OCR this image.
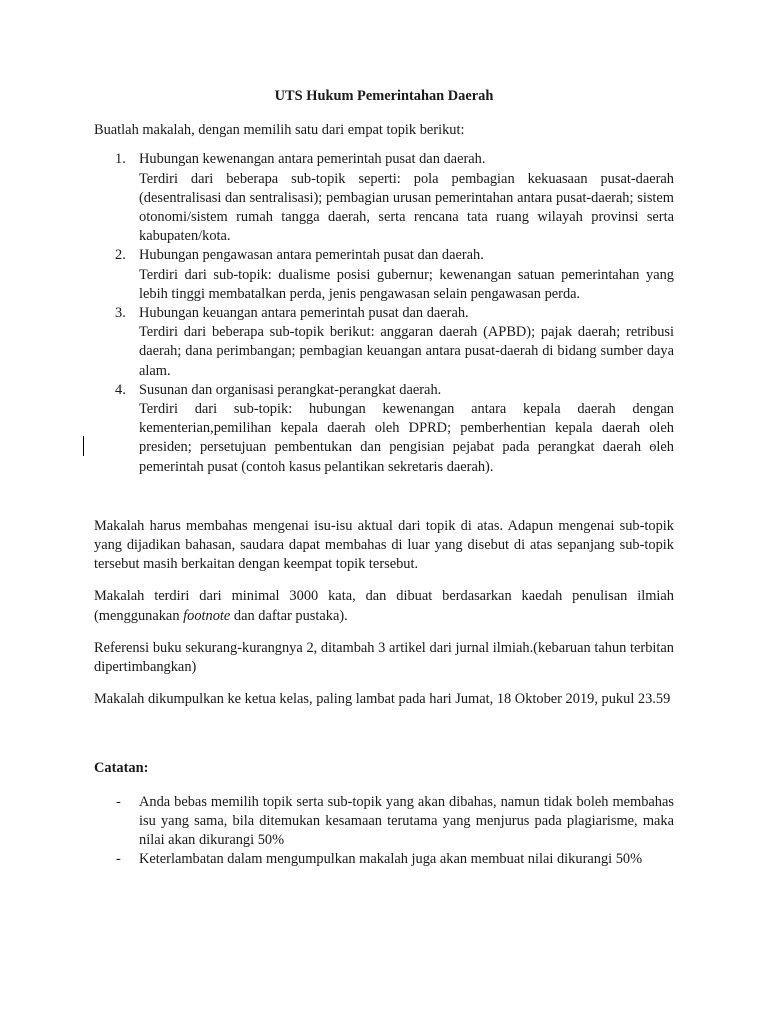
UTS Hukum Pemerintahan Daerah
Buatlah makalah, dengan memilih satu dari empat topik berikut:
1. Hubungan kewenangan antara pemerintah pusat dan daerah.
Terdiri dari beberapa sub-topik seperti: pola pembagian kekuasaan pusat-daerah (desentralisasi dan sentralisasi); pembagian urusan pemerintahan antara pusat-daerah; sistem otonomi/sistem rumah tangga daerah, serta rencana tata ruang wilayah provinsi serta kabupaten/kota.
2. Hubungan pengawasan antara pemerintah pusat dan daerah.
Terdiri dari sub-topik: dualisme posisi gubernur; kewenangan satuan pemerintahan yang lebih tinggi membatalkan perda, jenis pengawasan selain pengawasan perda.
3. Hubungan keuangan antara pemerintah pusat dan daerah.
Terdiri dari beberapa sub-topik berikut: anggaran daerah (APBD); pajak daerah; retribusi daerah; dana perimbangan; pembagian keuangan antara pusat-daerah di bidang sumber daya alam.
4. Susunan dan organisasi perangkat-perangkat daerah.
Terdiri dari sub-topik: hubungan kewenangan antara kepala daerah dengan kementerian,pemilihan kepala daerah oleh DPRD; pemberhentian kepala daerah oleh presiden; persetujuan pembentukan dan pengisian pejabat pada perangkat daerah oleh pemerintah pusat (contoh kasus pelantikan sekretaris daerah).

Makalah harus membahas mengenai isu-isu aktual dari topik di atas. Adapun mengenai sub-topik yang dijadikan bahasan, saudara dapat membahas di luar yang disebut di atas sepanjang sub-topik tersebut masih berkaitan dengan keempat topik tersebut.

Makalah terdiri dari minimal 3000 kata, dan dibuat berdasarkan kaedah penulisan ilmiah (menggunakan footnote dan daftar pustaka).

Referensi buku sekurang-kurangnya 2, ditambah 3 artikel dari jurnal ilmiah.(kebaruan tahun terbitan dipertimbangkan)

Makalah dikumpulkan ke ketua kelas, paling lambat pada hari Jumat, 18 Oktober 2019, pukul 23.59

Catatan:
- Anda bebas memilih topik serta sub-topik yang akan dibahas, namun tidak boleh membahas isu yang sama, bila ditemukan kesamaan terutama yang menjurus pada plagiarisme, maka nilai akan dikurangi 50%
- Keterlambatan dalam mengumpulkan makalah juga akan membuat nilai dikurangi 50%
